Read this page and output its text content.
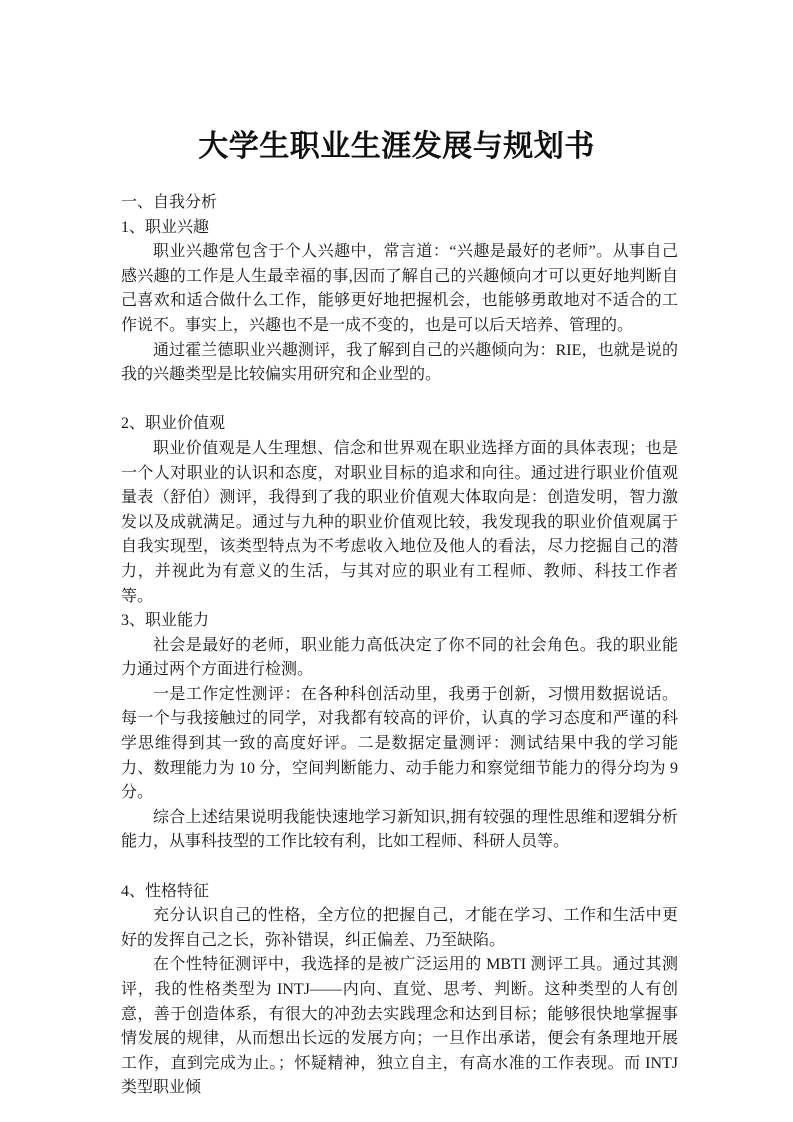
大学生职业生涯发展与规划书
一、自我分析
1、职业兴趣

职业兴趣常包含于个人兴趣中，常言道：“兴趣是最好的老师”。从事自己感兴趣的工作是人生最幸福的事,因而了解自己的兴趣倾向才可以更好地判断自己喜欢和适合做什么工作，能够更好地把握机会，也能够勇敢地对不适合的工作说不。事实上，兴趣也不是一成不变的，也是可以后天培养、管理的。

通过霍兰德职业兴趣测评，我了解到自己的兴趣倾向为：RIE，也就是说的我的兴趣类型是比较偏实用研究和企业型的。

2、职业价值观

职业价值观是人生理想、信念和世界观在职业选择方面的具体表现；也是一个人对职业的认识和态度，对职业目标的追求和向往。通过进行职业价值观量表（舒伯）测评，我得到了我的职业价值观大体取向是：创造发明，智力激发以及成就满足。通过与九种的职业价值观比较，我发现我的职业价值观属于自我实现型，该类型特点为不考虑收入地位及他人的看法，尽力挖掘自己的潜力，并视此为有意义的生活，与其对应的职业有工程师、教师、科技工作者等。

3、职业能力

社会是最好的老师，职业能力高低决定了你不同的社会角色。我的职业能力通过两个方面进行检测。

一是工作定性测评：在各种科创活动里，我勇于创新，习惯用数据说话。每一个与我接触过的同学，对我都有较高的评价，认真的学习态度和严谨的科学思维得到其一致的高度好评。二是数据定量测评：测试结果中我的学习能力、数理能力为 10 分，空间判断能力、动手能力和察觉细节能力的得分均为 9 分。

综合上述结果说明我能快速地学习新知识,拥有较强的理性思维和逻辑分析能力，从事科技型的工作比较有利，比如工程师、科研人员等。

4、性格特征

充分认识自己的性格，全方位的把握自己，才能在学习、工作和生活中更好的发挥自己之长，弥补错误，纠正偏差、乃至缺陷。

在个性特征测评中，我选择的是被广泛运用的 MBTI 测评工具。通过其测评，我的性格类型为 INTJ——内向、直觉、思考、判断。这种类型的人有创意，善于创造体系，有很大的冲劲去实践理念和达到目标；能够很快地掌握事情发展的规律，从而想出长远的发展方向；一旦作出承诺，便会有条理地开展工作，直到完成为止。；怀疑精神，独立自主，有高水准的工作表现。而 INTJ 类型职业倾
